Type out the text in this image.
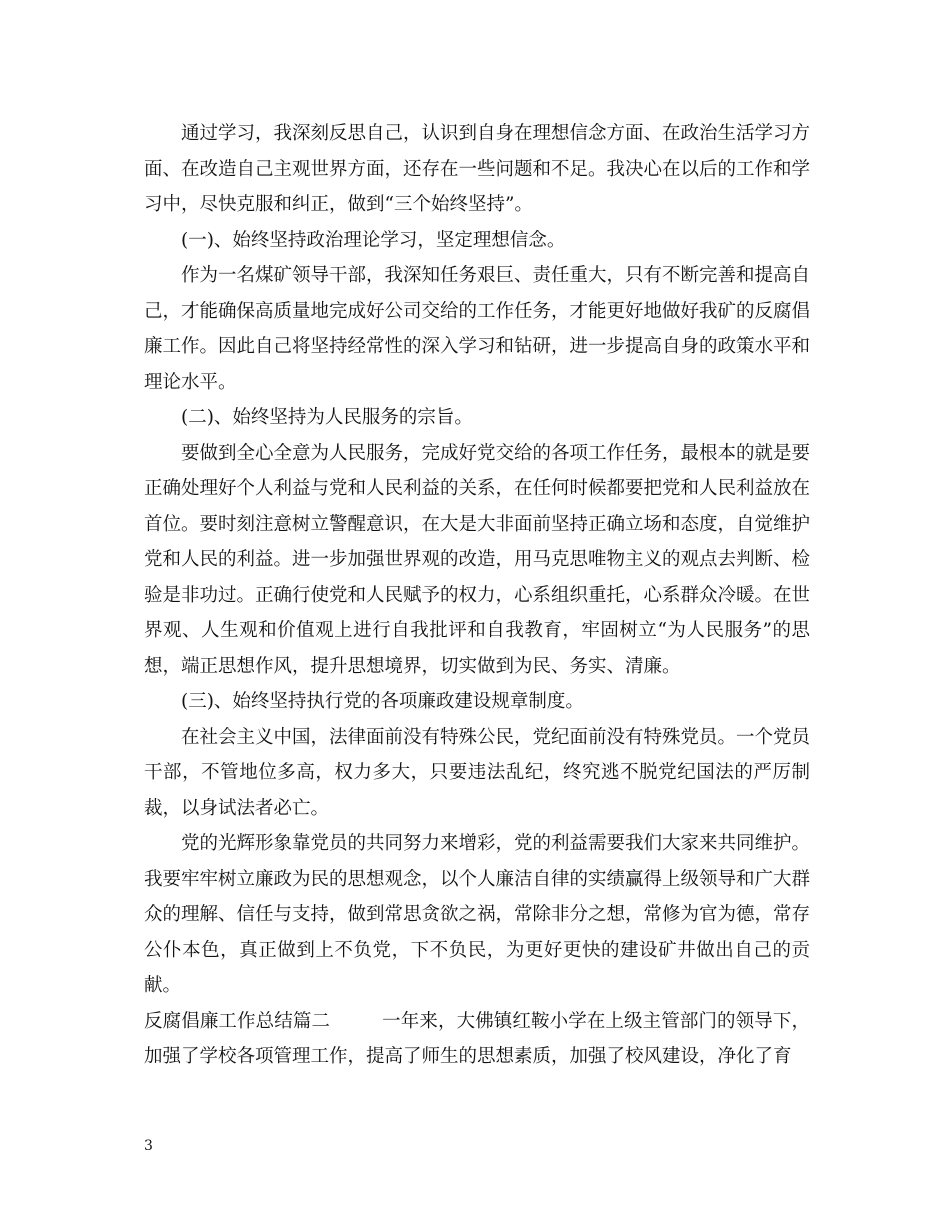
通过学习，我深刻反思自己，认识到自身在理想信念方面、在政治生活学习方面、在改造自己主观世界方面，还存在一些问题和不足。我决心在以后的工作和学习中，尽快克服和纠正，做到“三个始终坚持”。

(一)、始终坚持政治理论学习，坚定理想信念。

作为一名煤矿领导干部，我深知任务艰巨、责任重大，只有不断完善和提高自己，才能确保高质量地完成好公司交给的工作任务，才能更好地做好我矿的反腐倡廉工作。因此自己将坚持经常性的深入学习和钻研，进一步提高自身的政策水平和理论水平。

(二)、始终坚持为人民服务的宗旨。

要做到全心全意为人民服务，完成好党交给的各项工作任务，最根本的就是要正确处理好个人利益与党和人民利益的关系，在任何时候都要把党和人民利益放在首位。要时刻注意树立警醒意识，在大是大非面前坚持正确立场和态度，自觉维护党和人民的利益。进一步加强世界观的改造，用马克思唯物主义的观点去判断、检验是非功过。正确行使党和人民赋予的权力，心系组织重托，心系群众冷暖。在世界观、人生观和价值观上进行自我批评和自我教育，牢固树立“为人民服务”的思想，端正思想作风，提升思想境界，切实做到为民、务实、清廉。

(三)、始终坚持执行党的各项廉政建设规章制度。

在社会主义中国，法律面前没有特殊公民，党纪面前没有特殊党员。一个党员干部，不管地位多高，权力多大，只要违法乱纪，终究逃不脱党纪国法的严厉制裁，以身试法者必亡。

党的光辉形象靠党员的共同努力来增彩，党的利益需要我们大家来共同维护。我要牢牢树立廉政为民的思想观念，以个人廉洁自律的实绩赢得上级领导和广大群众的理解、信任与支持，做到常思贪欲之祸，常除非分之想，常修为官为德，常存公仆本色，真正做到上不负党，下不负民，为更好更快的建设矿井做出自己的贡献。

反腐倡廉工作总结篇二	一年来，大佛镇红鞍小学在上级主管部门的领导下，加强了学校各项管理工作，提高了师生的思想素质，加强了校风建设，净化了育

3
